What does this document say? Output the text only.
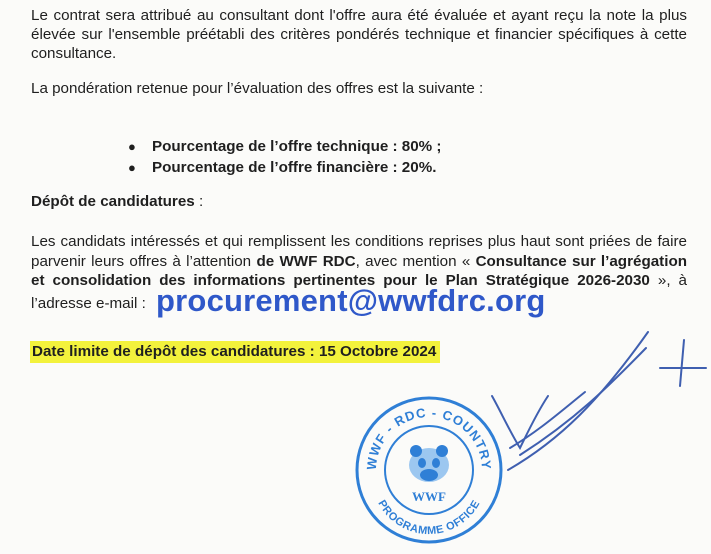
Le contrat sera attribué au consultant dont l'offre aura été évaluée et ayant reçu la note la plus élevée sur l'ensemble préétabli des critères pondérés technique et financier spécifiques à cette consultance.
La pondération retenue pour l’évaluation des offres est la suivante :
●	Pourcentage de l’offre technique : 80% ;
●	Pourcentage de l’offre financière : 20%.
Dépôt de candidatures :
Les candidats intéressés et qui remplissent les conditions reprises plus haut sont priées de faire parvenir leurs offres à l’attention de WWF RDC, avec mention « Consultance sur l’agrégation et consolidation des informations pertinentes pour le Plan Stratégique 2026-2030 », à l’adresse e-mail : procurement@wwfdrc.org
Date limite de dépôt des candidatures : 15 Octobre 2024
WWF - RDC - COUNTRY
PROGRAMME OFFICE
WWF
